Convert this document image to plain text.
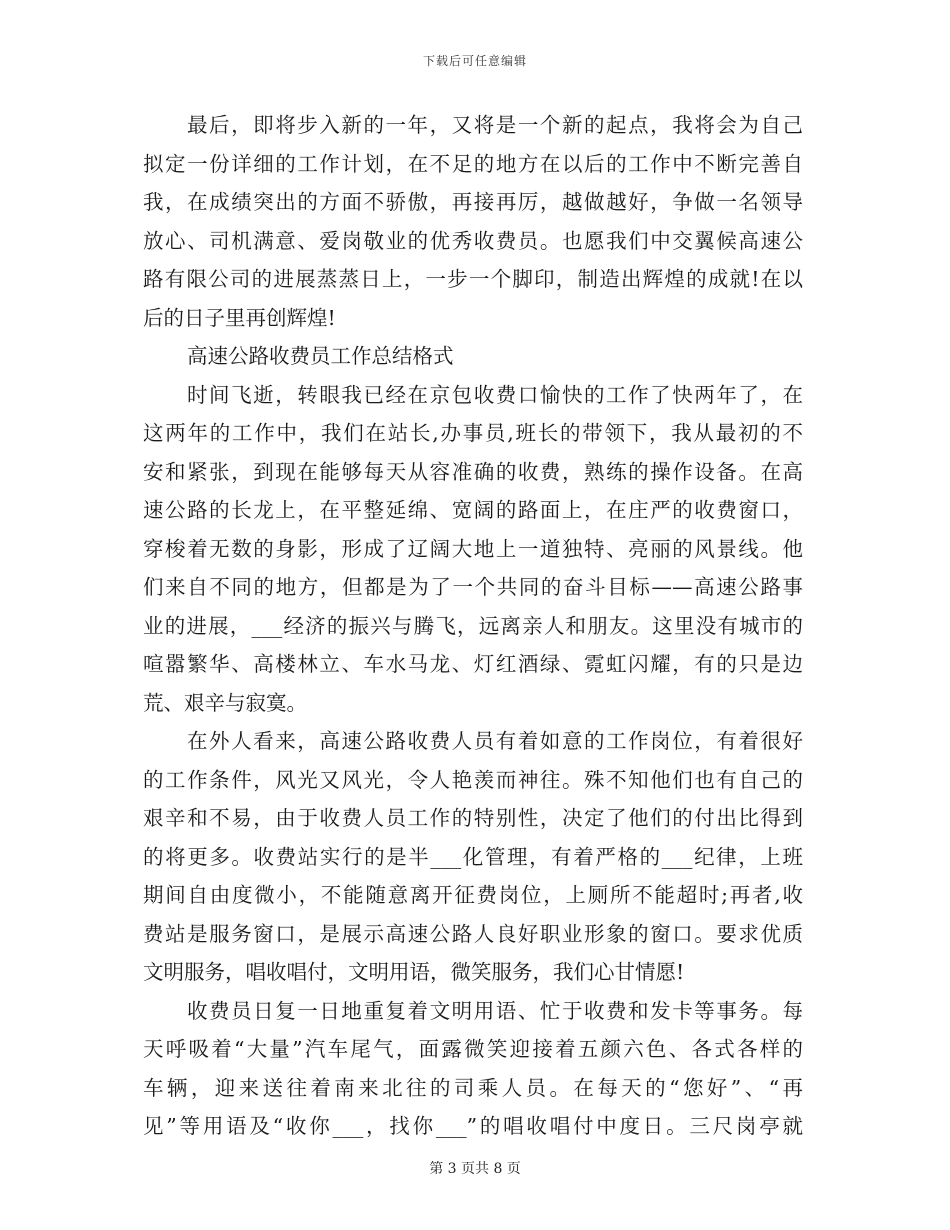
下载后可任意编辑
最后，即将步入新的一年，又将是一个新的起点，我将会为自己
拟定一份详细的工作计划，在不足的地方在以后的工作中不断完善自
我，在成绩突出的方面不骄傲，再接再厉，越做越好，争做一名领导
放心、司机满意、爱岗敬业的优秀收费员。也愿我们中交翼候高速公
路有限公司的进展蒸蒸日上，一步一个脚印，制造出辉煌的成就!在以
后的日子里再创辉煌!
高速公路收费员工作总结格式
时间飞逝，转眼我已经在京包收费口愉快的工作了快两年了，在
这两年的工作中，我们在站长,办事员,班长的带领下，我从最初的不
安和紧张，到现在能够每天从容准确的收费，熟练的操作设备。在高
速公路的长龙上，在平整延绵、宽阔的路面上，在庄严的收费窗口，
穿梭着无数的身影，形成了辽阔大地上一道独特、亮丽的风景线。他
们来自不同的地方，但都是为了一个共同的奋斗目标——高速公路事
业的进展，___经济的振兴与腾飞，远离亲人和朋友。这里没有城市的
喧嚣繁华、高楼林立、车水马龙、灯红酒绿、霓虹闪耀，有的只是边
荒、艰辛与寂寞。
在外人看来，高速公路收费人员有着如意的工作岗位，有着很好
的工作条件，风光又风光，令人艳羡而神往。殊不知他们也有自己的
艰辛和不易，由于收费人员工作的特别性，决定了他们的付出比得到
的将更多。收费站实行的是半___化管理，有着严格的___纪律，上班
期间自由度微小，不能随意离开征费岗位，上厕所不能超时;再者,收
费站是服务窗口，是展示高速公路人良好职业形象的窗口。要求优质
文明服务，唱收唱付，文明用语，微笑服务，我们心甘情愿!
收费员日复一日地重复着文明用语、忙于收费和发卡等事务。每
天呼吸着“大量”汽车尾气，面露微笑迎接着五颜六色、各式各样的
车辆，迎来送往着南来北往的司乘人员。在每天的“您好”、“再
见”等用语及“收你___，找你___”的唱收唱付中度日。三尺岗亭就
第 3 页共 8 页
